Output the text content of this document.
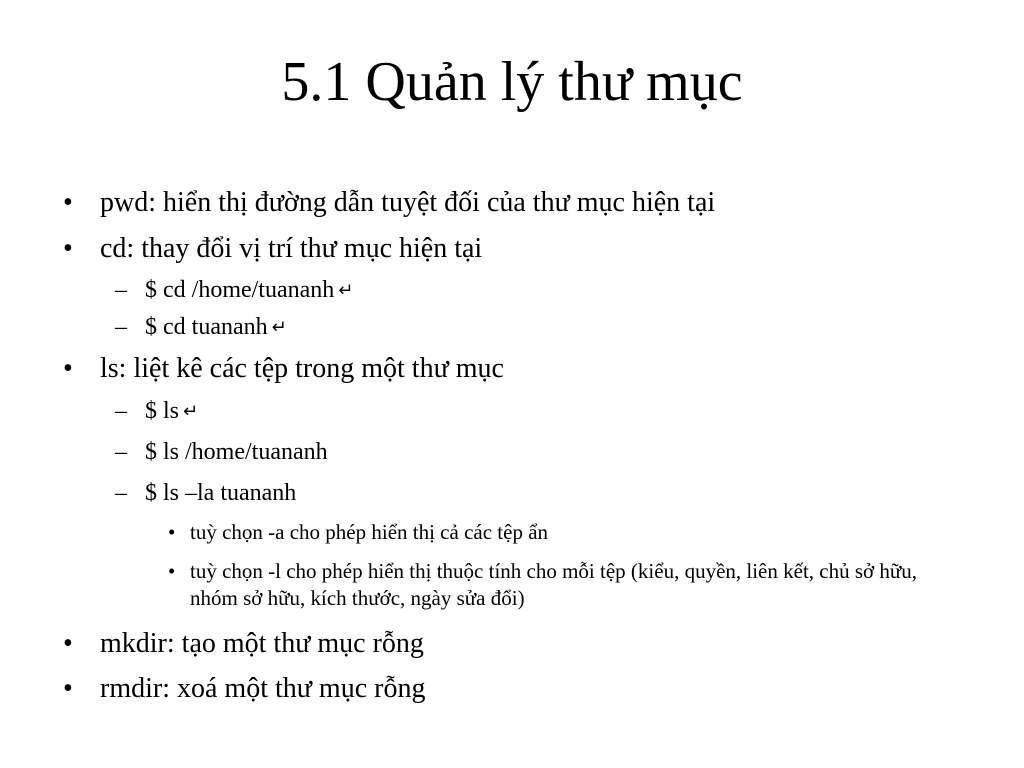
5.1 Quản lý thư mục
• pwd: hiển thị đường dẫn tuyệt đối của thư mục hiện tại
• cd: thay đổi vị trí thư mục hiện tại
– $ cd /home/tuananh ↵
– $ cd tuananh ↵
• ls: liệt kê các tệp trong một thư mục
– $ ls ↵
– $ ls /home/tuananh
– $ ls –la tuananh
• tuỳ chọn -a cho phép hiển thị cả các tệp ẩn
• tuỳ chọn -l cho phép hiển thị thuộc tính cho mỗi tệp (kiểu, quyền, liên kết, chủ sở hữu, nhóm sở hữu, kích thước, ngày sửa đổi)
• mkdir: tạo một thư mục rỗng
• rmdir: xoá một thư mục rỗng
